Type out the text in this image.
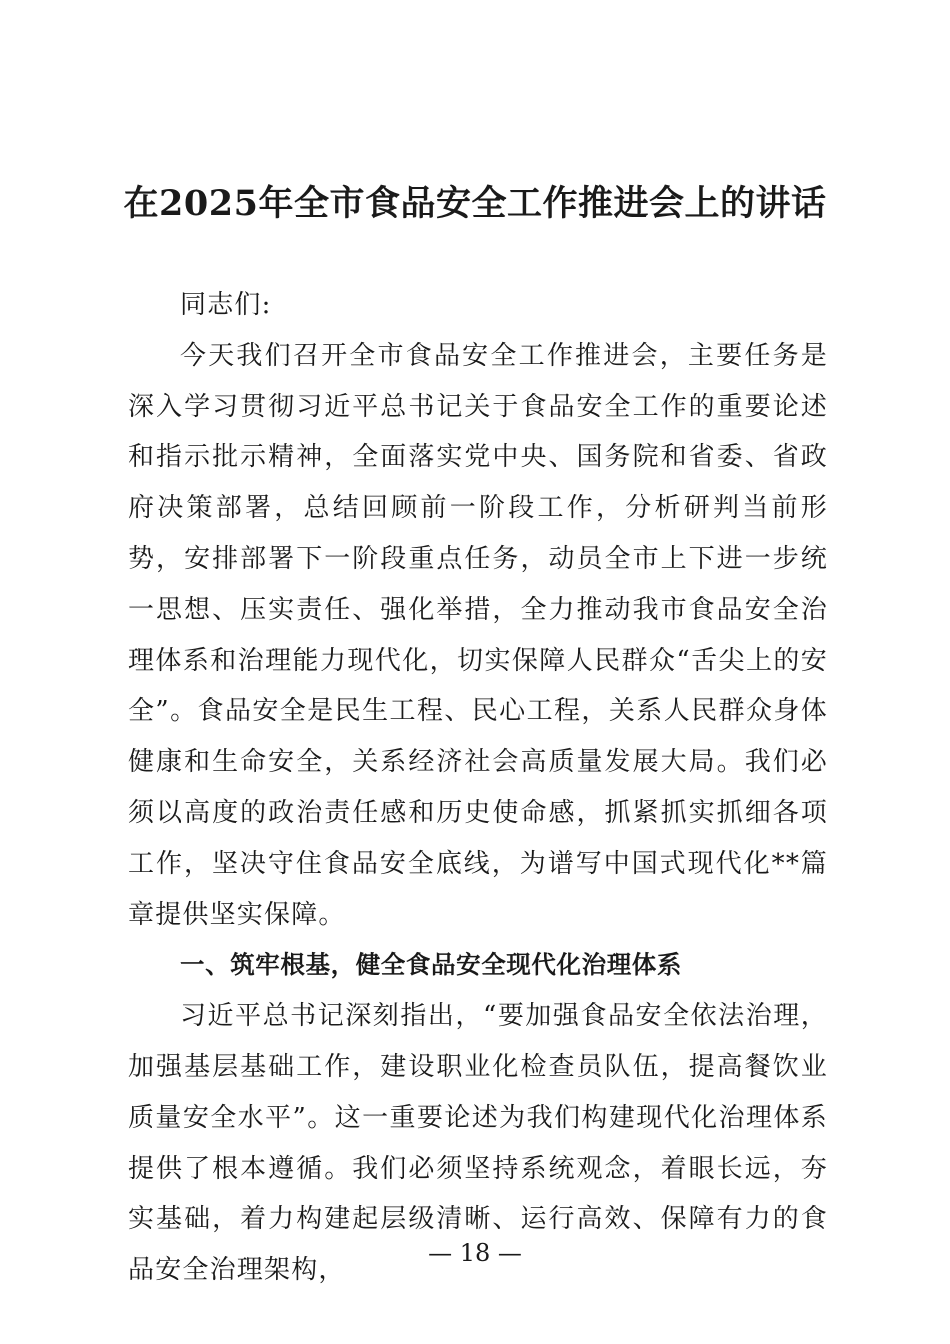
在2025年全市食品安全工作推进会上的讲话

同志们:

今天我们召开全市食品安全工作推进会，主要任务是深入学习贯彻习近平总书记关于食品安全工作的重要论述和指示批示精神，全面落实党中央、国务院和省委、省政府决策部署，总结回顾前一阶段工作，分析研判当前形势，安排部署下一阶段重点任务，动员全市上下进一步统一思想、压实责任、强化举措，全力推动我市食品安全治理体系和治理能力现代化，切实保障人民群众“舌尖上的安全”。食品安全是民生工程、民心工程，关系人民群众身体健康和生命安全，关系经济社会高质量发展大局。我们必须以高度的政治责任感和历史使命感，抓紧抓实抓细各项工作，坚决守住食品安全底线，为谱写中国式现代化**篇章提供坚实保障。

一、筑牢根基，健全食品安全现代化治理体系

习近平总书记深刻指出，“要加强食品安全依法治理，加强基层基础工作，建设职业化检查员队伍，提高餐饮业质量安全水平”。这一重要论述为我们构建现代化治理体系提供了根本遵循。我们必须坚持系统观念，着眼长远，夯实基础，着力构建起层级清晰、运行高效、保障有力的食品安全治理架构，

— 18 —
